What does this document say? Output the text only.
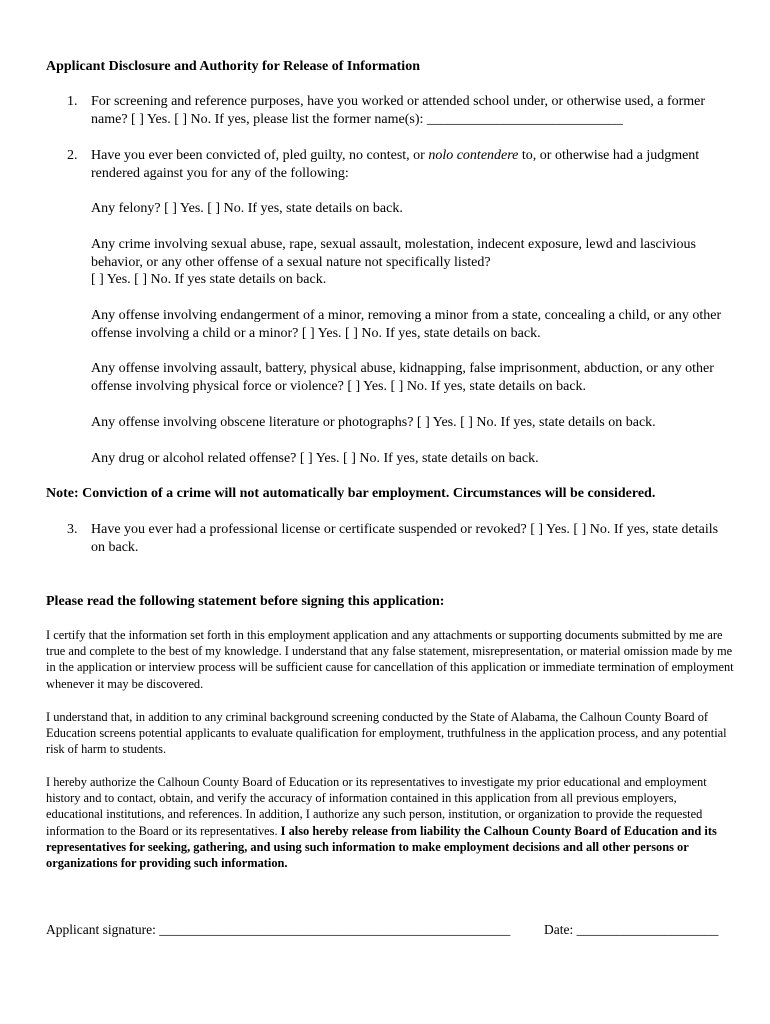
Applicant Disclosure and Authority for Release of Information
1. For screening and reference purposes, have you worked or attended school under, or otherwise used, a former name? [ ] Yes. [ ] No. If yes, please list the former name(s): ____________________________
2. Have you ever been convicted of, pled guilty, no contest, or nolo contendere to, or otherwise had a judgment rendered against you for any of the following:
Any felony? [ ] Yes. [ ] No. If yes, state details on back.
Any crime involving sexual abuse, rape, sexual assault, molestation, indecent exposure, lewd and lascivious behavior, or any other offense of a sexual nature not specifically listed?
[ ] Yes. [ ] No. If yes state details on back.
Any offense involving endangerment of a minor, removing a minor from a state, concealing a child, or any other offense involving a child or a minor? [ ] Yes. [ ] No. If yes, state details on back.
Any offense involving assault, battery, physical abuse, kidnapping, false imprisonment, abduction, or any other offense involving physical force or violence? [ ] Yes. [ ] No. If yes, state details on back.
Any offense involving obscene literature or photographs? [ ] Yes. [ ] No. If yes, state details on back.
Any drug or alcohol related offense? [ ] Yes. [ ] No. If yes, state details on back.
Note: Conviction of a crime will not automatically bar employment. Circumstances will be considered.
3. Have you ever had a professional license or certificate suspended or revoked? [ ] Yes. [ ] No. If yes, state details on back.
Please read the following statement before signing this application:
I certify that the information set forth in this employment application and any attachments or supporting documents submitted by me are true and complete to the best of my knowledge. I understand that any false statement, misrepresentation, or material omission made by me in the application or interview process will be sufficient cause for cancellation of this application or immediate termination of employment whenever it may be discovered.
I understand that, in addition to any criminal background screening conducted by the State of Alabama, the Calhoun County Board of Education screens potential applicants to evaluate qualification for employment, truthfulness in the application process, and any potential risk of harm to students.
I hereby authorize the Calhoun County Board of Education or its representatives to investigate my prior educational and employment history and to contact, obtain, and verify the accuracy of information contained in this application from all previous employers, educational institutions, and references. In addition, I authorize any such person, institution, or organization to provide the requested information to the Board or its representatives. I also hereby release from liability the Calhoun County Board of Education and its representatives for seeking, gathering, and using such information to make employment decisions and all other persons or organizations for providing such information.
Applicant signature: ____________________________________________________	Date: _____________________
